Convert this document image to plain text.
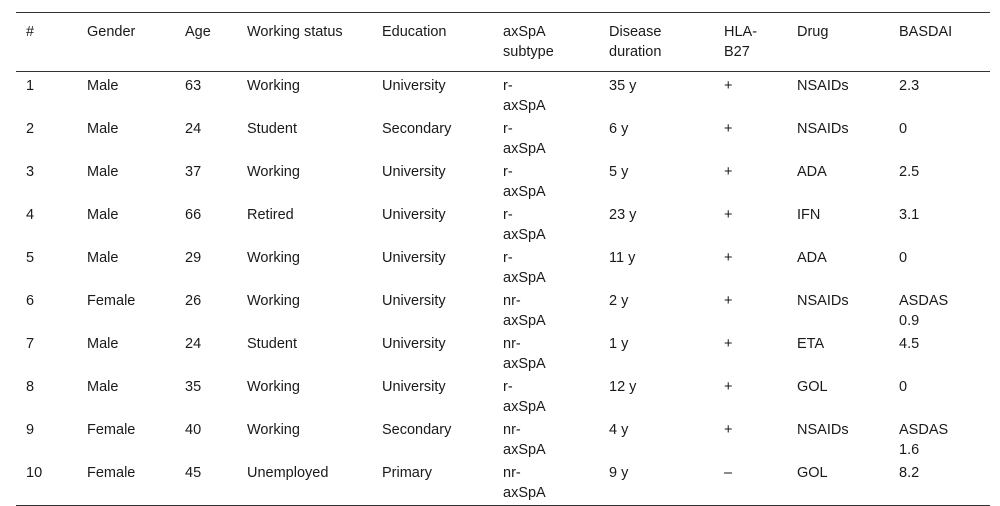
#	Gender	Age	Working status	Education	axSpA subtype	Disease duration	HLA-B27	Drug	BASDAI
1	Male	63	Working	University	r-axSpA	35 y	+	NSAIDs	2.3
2	Male	24	Student	Secondary	r-axSpA	6 y	+	NSAIDs	0
3	Male	37	Working	University	r-axSpA	5 y	+	ADA	2.5
4	Male	66	Retired	University	r-axSpA	23 y	+	IFN	3.1
5	Male	29	Working	University	r-axSpA	11 y	+	ADA	0
6	Female	26	Working	University	nr-axSpA	2 y	+	NSAIDs	ASDAS 0.9
7	Male	24	Student	University	nr-axSpA	1 y	+	ETA	4.5
8	Male	35	Working	University	r-axSpA	12 y	+	GOL	0
9	Female	40	Working	Secondary	nr-axSpA	4 y	+	NSAIDs	ASDAS 1.6
10	Female	45	Unemployed	Primary	nr-axSpA	9 y	–	GOL	8.2
